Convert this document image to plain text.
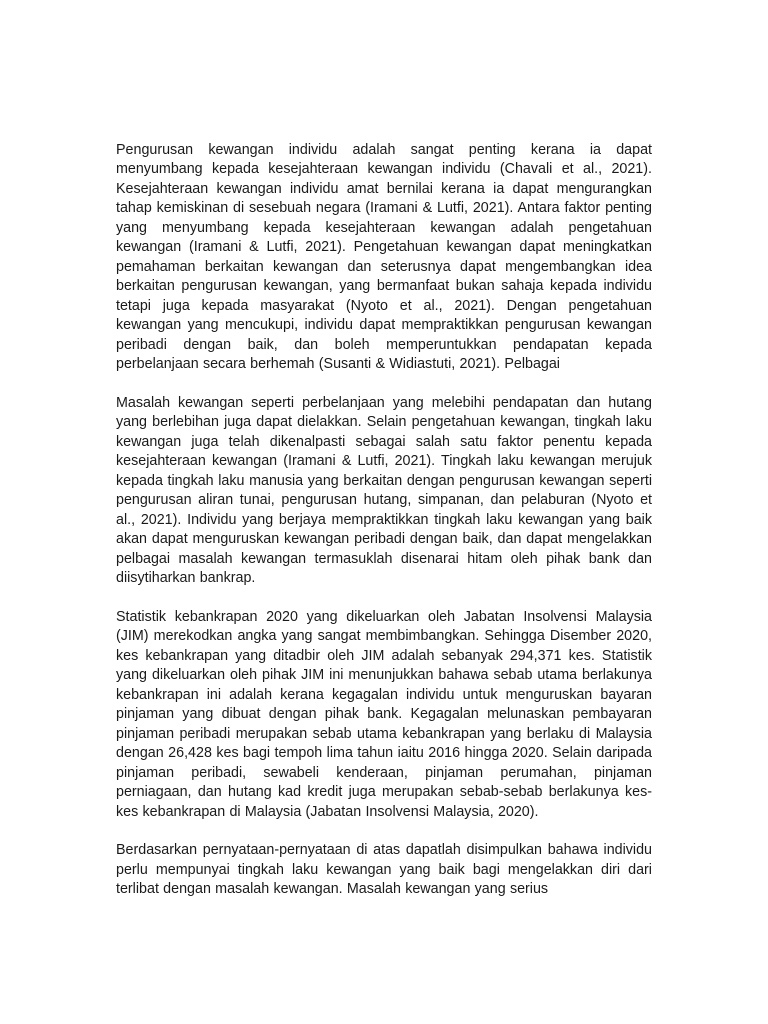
Pengurusan kewangan individu adalah sangat penting kerana ia dapat menyumbang kepada kesejahteraan kewangan individu (Chavali et al., 2021). Kesejahteraan kewangan individu amat bernilai kerana ia dapat mengurangkan tahap kemiskinan di sesebuah negara (Iramani & Lutfi, 2021). Antara faktor penting yang menyumbang kepada kesejahteraan kewangan adalah pengetahuan kewangan (Iramani & Lutfi, 2021). Pengetahuan kewangan dapat meningkatkan pemahaman berkaitan kewangan dan seterusnya dapat mengembangkan idea berkaitan pengurusan kewangan, yang bermanfaat bukan sahaja kepada individu tetapi juga kepada masyarakat (Nyoto et al., 2021). Dengan pengetahuan kewangan yang mencukupi, individu dapat mempraktikkan pengurusan kewangan peribadi dengan baik, dan boleh memperuntukkan pendapatan kepada perbelanjaan secara berhemah (Susanti & Widiastuti, 2021). Pelbagai

Masalah kewangan seperti perbelanjaan yang melebihi pendapatan dan hutang yang berlebihan juga dapat dielakkan. Selain pengetahuan kewangan, tingkah laku kewangan juga telah dikenalpasti sebagai salah satu faktor penentu kepada kesejahteraan kewangan (Iramani & Lutfi, 2021). Tingkah laku kewangan merujuk kepada tingkah laku manusia yang berkaitan dengan pengurusan kewangan seperti pengurusan aliran tunai, pengurusan hutang, simpanan, dan pelaburan (Nyoto et al., 2021). Individu yang berjaya mempraktikkan tingkah laku kewangan yang baik akan dapat menguruskan kewangan peribadi dengan baik, dan dapat mengelakkan pelbagai masalah kewangan termasuklah disenarai hitam oleh pihak bank dan diisytiharkan bankrap.

Statistik kebankrapan 2020 yang dikeluarkan oleh Jabatan Insolvensi Malaysia (JIM) merekodkan angka yang sangat membimbangkan. Sehingga Disember 2020, kes kebankrapan yang ditadbir oleh JIM adalah sebanyak 294,371 kes. Statistik yang dikeluarkan oleh pihak JIM ini menunjukkan bahawa sebab utama berlakunya kebankrapan ini adalah kerana kegagalan individu untuk menguruskan bayaran pinjaman yang dibuat dengan pihak bank. Kegagalan melunaskan pembayaran pinjaman peribadi merupakan sebab utama kebankrapan yang berlaku di Malaysia dengan 26,428 kes bagi tempoh lima tahun iaitu 2016 hingga 2020. Selain daripada pinjaman peribadi, sewabeli kenderaan, pinjaman perumahan, pinjaman perniagaan, dan hutang kad kredit juga merupakan sebab-sebab berlakunya kes-kes kebankrapan di Malaysia (Jabatan Insolvensi Malaysia, 2020).

Berdasarkan pernyataan-pernyataan di atas dapatlah disimpulkan bahawa individu perlu mempunyai tingkah laku kewangan yang baik bagi mengelakkan diri dari terlibat dengan masalah kewangan. Masalah kewangan yang serius
